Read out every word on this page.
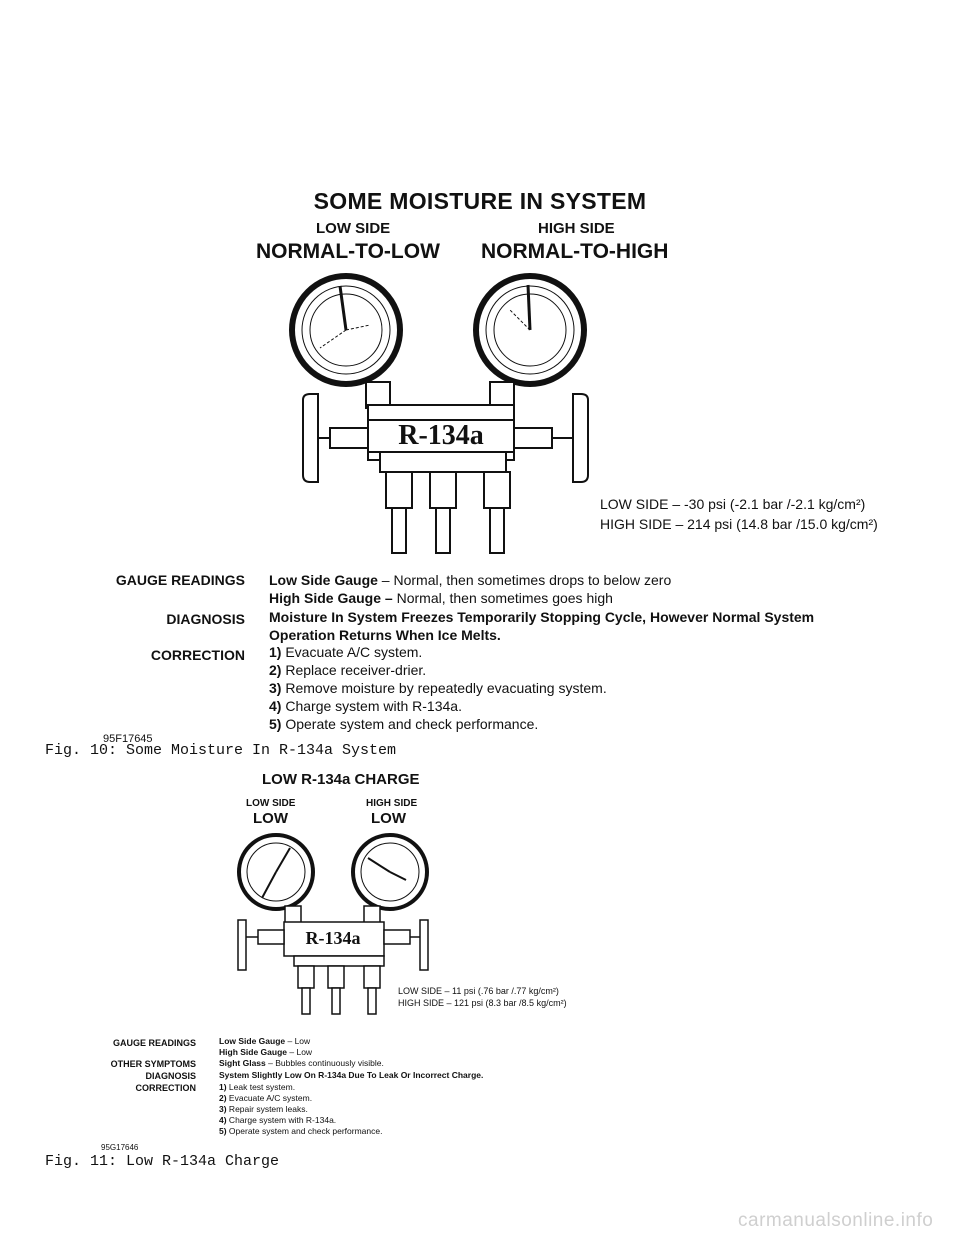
SOME MOISTURE IN SYSTEM
LOW SIDE
NORMAL-TO-LOW
HIGH SIDE
NORMAL-TO-HIGH
R-134a
LOW SIDE – -30 psi (-2.1 bar /-2.1 kg/cm²)
HIGH SIDE – 214 psi (14.8 bar /15.0 kg/cm²)
GAUGE READINGS Low Side Gauge – Normal, then sometimes drops to below zero
High Side Gauge – Normal, then sometimes goes high
DIAGNOSIS Moisture In System Freezes Temporarily Stopping Cycle, However Normal System Operation Returns When Ice Melts.
CORRECTION 1) Evacuate A/C system.
2) Replace receiver-drier.
3) Remove moisture by repeatedly evacuating system.
4) Charge system with R-134a.
5) Operate system and check performance.
95F17645
Fig. 10: Some Moisture In R-134a System
LOW R-134a CHARGE
LOW SIDE
LOW
HIGH SIDE
LOW
R-134a
LOW SIDE – 11 psi (.76 bar /.77 kg/cm²)
HIGH SIDE – 121 psi (8.3 bar /8.5 kg/cm²)
GAUGE READINGS	Low Side Gauge – Low
High Side Gauge – Low
OTHER SYMPTOMS	Sight Glass – Bubbles continuously visible.
DIAGNOSIS	System Slightly Low On R-134a Due To Leak Or Incorrect Charge.
CORRECTION	1) Leak test system.
2) Evacuate A/C system.
3) Repair system leaks.
4) Charge system with R-134a.
5) Operate system and check performance.
95G17646
Fig. 11: Low R-134a Charge
carmanualsonline.info
